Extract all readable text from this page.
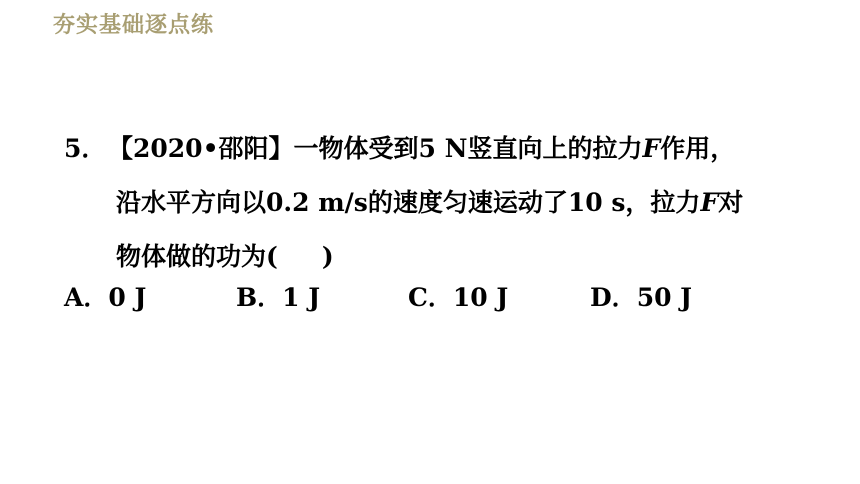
夯实基础逐点练
5．【2020•邵阳】一物体受到5 N竖直向上的拉力F作用，
沿水平方向以0.2 m/s的速度匀速运动了10 s，拉力F对
物体做的功为( )
A．0 J	B．1 J	C．10 J	D．50 J
